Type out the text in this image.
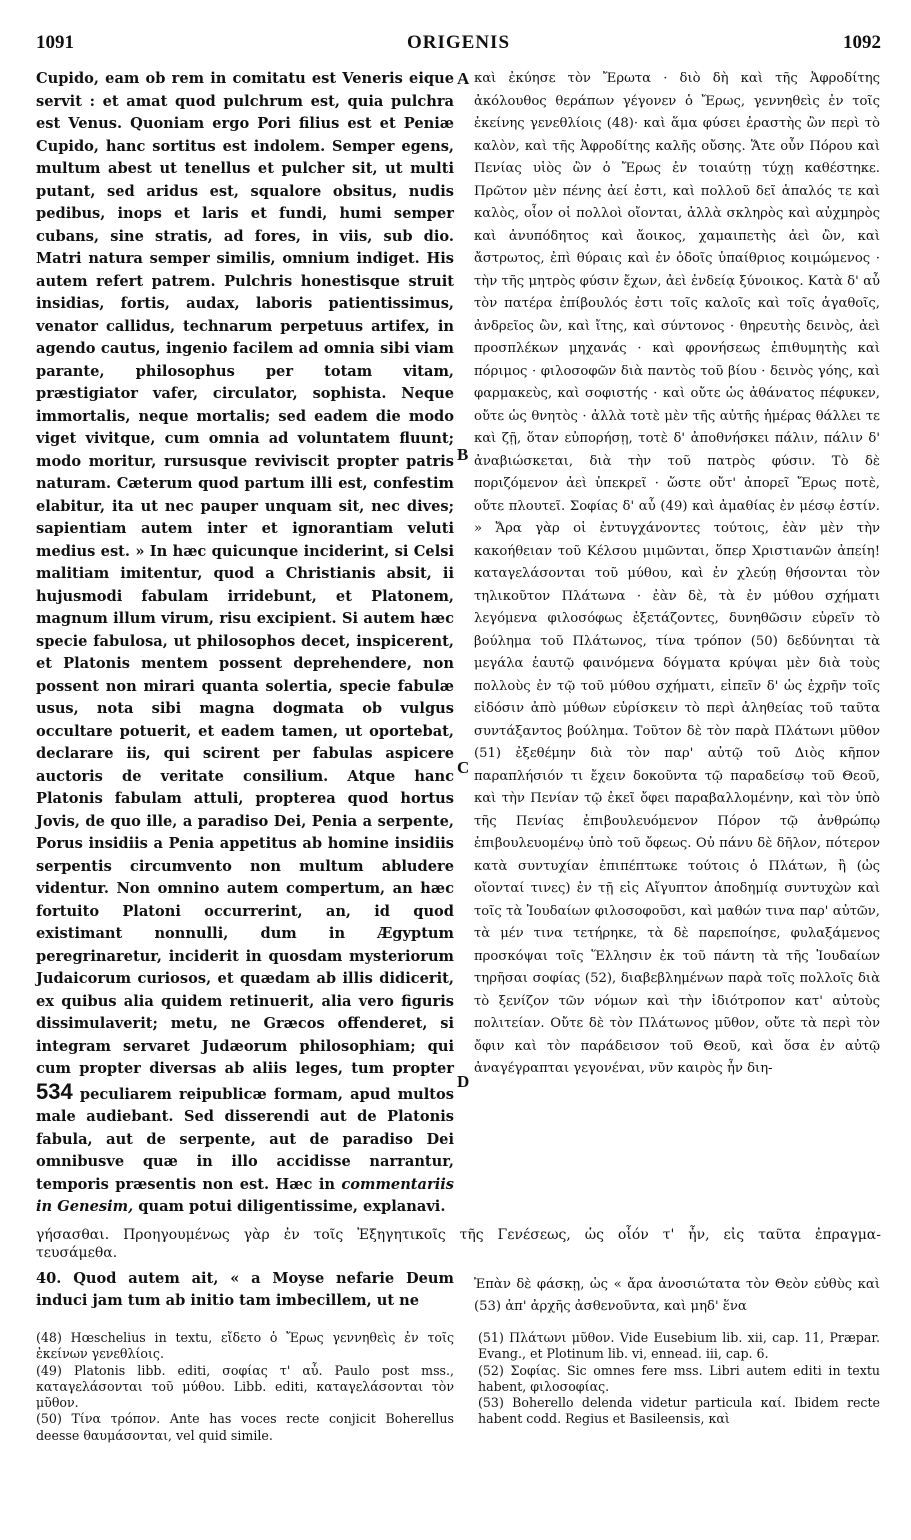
1091	ORIGENIS	1092

Cupido, eam ob rem in comitatu est Veneris eique servit : et amat quod pulchrum est, quia pulchra est Venus. Quoniam ergo Pori filius est et Peniæ Cupido, hanc sortitus est indolem. Semper egens, multum abest ut tenellus et pulcher sit, ut multi putant, sed aridus est, squalore obsitus, nudis pedibus, inops et laris et fundi, humi semper cubans, sine stratis, ad fores, in viis, sub dio. Matri natura semper similis, omnium indiget. His autem refert patrem. Pulchris honestisque struit insidias, fortis, audax, laboris patientissimus, venator callidus, technarum perpetuus artifex, in agendo cautus, ingenio facilem ad omnia sibi viam parante, philosophus per totam vitam, præstigiator vafer, circulator, sophista. Neque immortalis, neque mortalis; sed eadem die modo viget vivitque, cum omnia ad voluntatem fluunt; modo moritur, rursusque reviviscit propter patris naturam. Cæterum quod partum illi est, confestim elabitur, ita ut nec pauper unquam sit, nec dives; sapientiam autem inter et ignorantiam veluti medius est. » In hæc quicunque inciderint, si Celsi malitiam imitentur, quod a Christianis absit, ii hujusmodi fabulam irridebunt, et Platonem, magnum illum virum, risu excipient. Si autem hæc specie fabulosa, ut philosophos decet, inspicerent, et Platonis mentem possent deprehendere, non possent non mirari quanta solertia, specie fabulæ usus, nota sibi magna dogmata ob vulgus occultare potuerit, et eadem tamen, ut oportebat, declarare iis, qui scirent per fabulas aspicere auctoris de veritate consilium. Atque hanc Platonis fabulam attuli, propterea quod hortus Jovis, de quo ille, a paradiso Dei, Penia a serpente, Porus insidiis a Penia appetitus ab homine insidiis serpentis circumvento non multum abludere videntur. Non omnino autem compertum, an hæc fortuito Platoni occurrerint, an, id quod existimant nonnulli, dum in Ægyptum peregrinaretur, inciderit in quosdam mysteriorum Judaicorum curiosos, et quædam ab illis didicerit, ex quibus alia quidem retinuerit, alia vero figuris dissimulaverit; metu, ne Græcos offenderet, si integram servaret Judæorum philosophiam; qui cum propter diversas ab aliis leges, tum propter 534 peculiarem reipublicæ formam, apud multos male audiebant. Sed disserendi aut de Platonis fabula, aut de serpente, aut de paradiso Dei omnibusve quæ in illo accidisse narrantur, temporis præsentis non est. Hæc in commentariis in Genesim, quam potui diligentissime, explanavi.

A
B
C
D

καὶ ἐκύησε τὸν Ἔρωτα · διὸ δὴ καὶ τῆς Ἀφροδίτης ἀκόλουθος θεράπων γέγονεν ὁ Ἔρως, γεννηθεὶς ἐν τοῖς ἐκείνης γενεθλίοις (48)· καὶ ἅμα φύσει ἐραστὴς ὢν περὶ τὸ καλὸν, καὶ τῆς Ἀφροδίτης καλῆς οὔσης. Ἅτε οὖν Πόρου καὶ Πενίας υἱὸς ὢν ὁ Ἔρως ἐν τοιαύτῃ τύχῃ καθέστηκε. Πρῶτον μὲν πένης ἀεί ἐστι, καὶ πολλοῦ δεῖ ἁπαλός τε καὶ καλὸς, οἷον οἱ πολλοὶ οἴονται, ἀλλὰ σκληρὸς καὶ αὐχμηρὸς καὶ ἀνυπόδητος καὶ ἄοικος, χαμαιπετὴς ἀεὶ ὢν, καὶ ἄστρωτος, ἐπὶ θύραις καὶ ἐν ὁδοῖς ὑπαίθριος κοιμώμενος · τὴν τῆς μητρὸς φύσιν ἔχων, ἀεὶ ἐνδείᾳ ξύνοικος. Κατὰ δ' αὖ τὸν πατέρα ἐπίβουλός ἐστι τοῖς καλοῖς καὶ τοῖς ἀγαθοῖς, ἀνδρεῖος ὢν, καὶ ἴτης, καὶ σύντονος · θηρευτὴς δεινὸς, ἀεὶ προσπλέκων μηχανάς · καὶ φρονήσεως ἐπιθυμητὴς καὶ πόριμος · φιλοσοφῶν διὰ παντὸς τοῦ βίου · δεινὸς γόης, καὶ φαρμακεὺς, καὶ σοφιστής · καὶ οὔτε ὡς ἀθάνατος πέφυκεν, οὔτε ὡς θνητὸς · ἀλλὰ τοτὲ μὲν τῆς αὐτῆς ἡμέρας θάλλει τε καὶ ζῇ, ὅταν εὐπορήσῃ, τοτὲ δ' ἀποθνήσκει πάλιν, πάλιν δ' ἀναβιώσκεται, διὰ τὴν τοῦ πατρὸς φύσιν. Τὸ δὲ ποριζόμενον ἀεὶ ὑπεκρεῖ · ὥστε οὔτ' ἀπορεῖ Ἔρως ποτὲ, οὔτε πλουτεῖ. Σοφίας δ' αὖ (49) καὶ ἀμαθίας ἐν μέσῳ ἐστίν. » Ἄρα γὰρ οἱ ἐντυγχάνοντες τούτοις, ἐὰν μὲν τὴν κακοήθειαν τοῦ Κέλσου μιμῶνται, ὅπερ Χριστιανῶν ἀπείη! καταγελάσονται τοῦ μύθου, καὶ ἐν χλεύῃ θήσονται τὸν τηλικοῦτον Πλάτωνα · ἐὰν δὲ, τὰ ἐν μύθου σχήματι λεγόμενα φιλοσόφως ἐξετάζοντες, δυνηθῶσιν εὑρεῖν τὸ βούλημα τοῦ Πλάτωνος, τίνα τρόπον (50) δεδύνηται τὰ μεγάλα ἑαυτῷ φαινόμενα δόγματα κρύψαι μὲν διὰ τοὺς πολλοὺς ἐν τῷ τοῦ μύθου σχήματι, εἰπεῖν δ' ὡς ἐχρῆν τοῖς εἰδόσιν ἀπὸ μύθων εὑρίσκειν τὸ περὶ ἀληθείας τοῦ ταῦτα συντάξαντος βούλημα. Τοῦτον δὲ τὸν παρὰ Πλάτωνι μῦθον (51) ἐξεθέμην διὰ τὸν παρ' αὐτῷ τοῦ Διὸς κῆπον παραπλήσιόν τι ἔχειν δοκοῦντα τῷ παραδείσῳ τοῦ Θεοῦ, καὶ τὴν Πενίαν τῷ ἐκεῖ ὄφει παραβαλλομένην, καὶ τὸν ὑπὸ τῆς Πενίας ἐπιβουλευόμενον Πόρον τῷ ἀνθρώπῳ ἐπιβουλευομένῳ ὑπὸ τοῦ ὄφεως. Οὐ πάνυ δὲ δῆλον, πότερον κατὰ συντυχίαν ἐπιπέπτωκε τούτοις ὁ Πλάτων, ἢ (ὡς οἴονταί τινες) ἐν τῇ εἰς Αἴγυπτον ἀποδημίᾳ συντυχὼν καὶ τοῖς τὰ Ἰουδαίων φιλοσοφοῦσι, καὶ μαθών τινα παρ' αὐτῶν, τὰ μέν τινα τετήρηκε, τὰ δὲ παρεποίησε, φυλαξάμενος προσκόψαι τοῖς Ἕλλησιν ἐκ τοῦ πάντη τὰ τῆς Ἰουδαίων τηρῆσαι σοφίας (52), διαβεβλημένων παρὰ τοῖς πολλοῖς διὰ τὸ ξενίζον τῶν νόμων καὶ τὴν ἰδιότροπον κατ' αὐτοὺς πολιτείαν. Οὔτε δὲ τὸν Πλάτωνος μῦθον, οὔτε τὰ περὶ τὸν ὄφιν καὶ τὸν παράδεισον τοῦ Θεοῦ, καὶ ὅσα ἐν αὐτῷ ἀναγέγραπται γεγονέναι, νῦν καιρὸς ἦν διη-

γήσασθαι. Προηγουμένως γὰρ ἐν τοῖς Ἐξηγητικοῖς τῆς Γενέσεως, ὡς οἷόν τ' ἦν, εἰς ταῦτα ἐπραγμα-
τευσάμεθα.
40. Quod autem ait, « a Moyse nefarie Deum induci jam tum ab initio tam imbecillem, ut ne
Ἐπὰν δὲ φάσκῃ, ὡς « ἄρα ἀνοσιώτατα τὸν Θεὸν εὐθὺς καὶ (53) ἀπ' ἀρχῆς ἀσθενοῦντα, καὶ μηδ' ἕνα

(48) Hœschelius in textu, εἴδετο ὁ Ἔρως γεννηθεὶς ἐν τοῖς ἐκείνων γενεθλίοις.

(49) Platonis libb. editi, σοφίας τ' αὖ. Paulo post mss., καταγελάσονται τοῦ μύθου. Libb. editi, καταγελάσονται τὸν μῦθον.

(50) Τίνα τρόπον. Ante has voces recte conjicit Boherellus deesse θαυμάσονται, vel quid simile.

(51) Πλάτωνι μῦθον. Vide Eusebium lib. xii, cap. 11, Præpar. Evang., et Plotinum lib. vi, ennead. iii, cap. 6.

(52) Σοφίας. Sic omnes fere mss. Libri autem editi in textu habent, φιλοσοφίας.

(53) Boherello delenda videtur particula καί. Ibidem recte habent codd. Regius et Basileensis, καὶ
